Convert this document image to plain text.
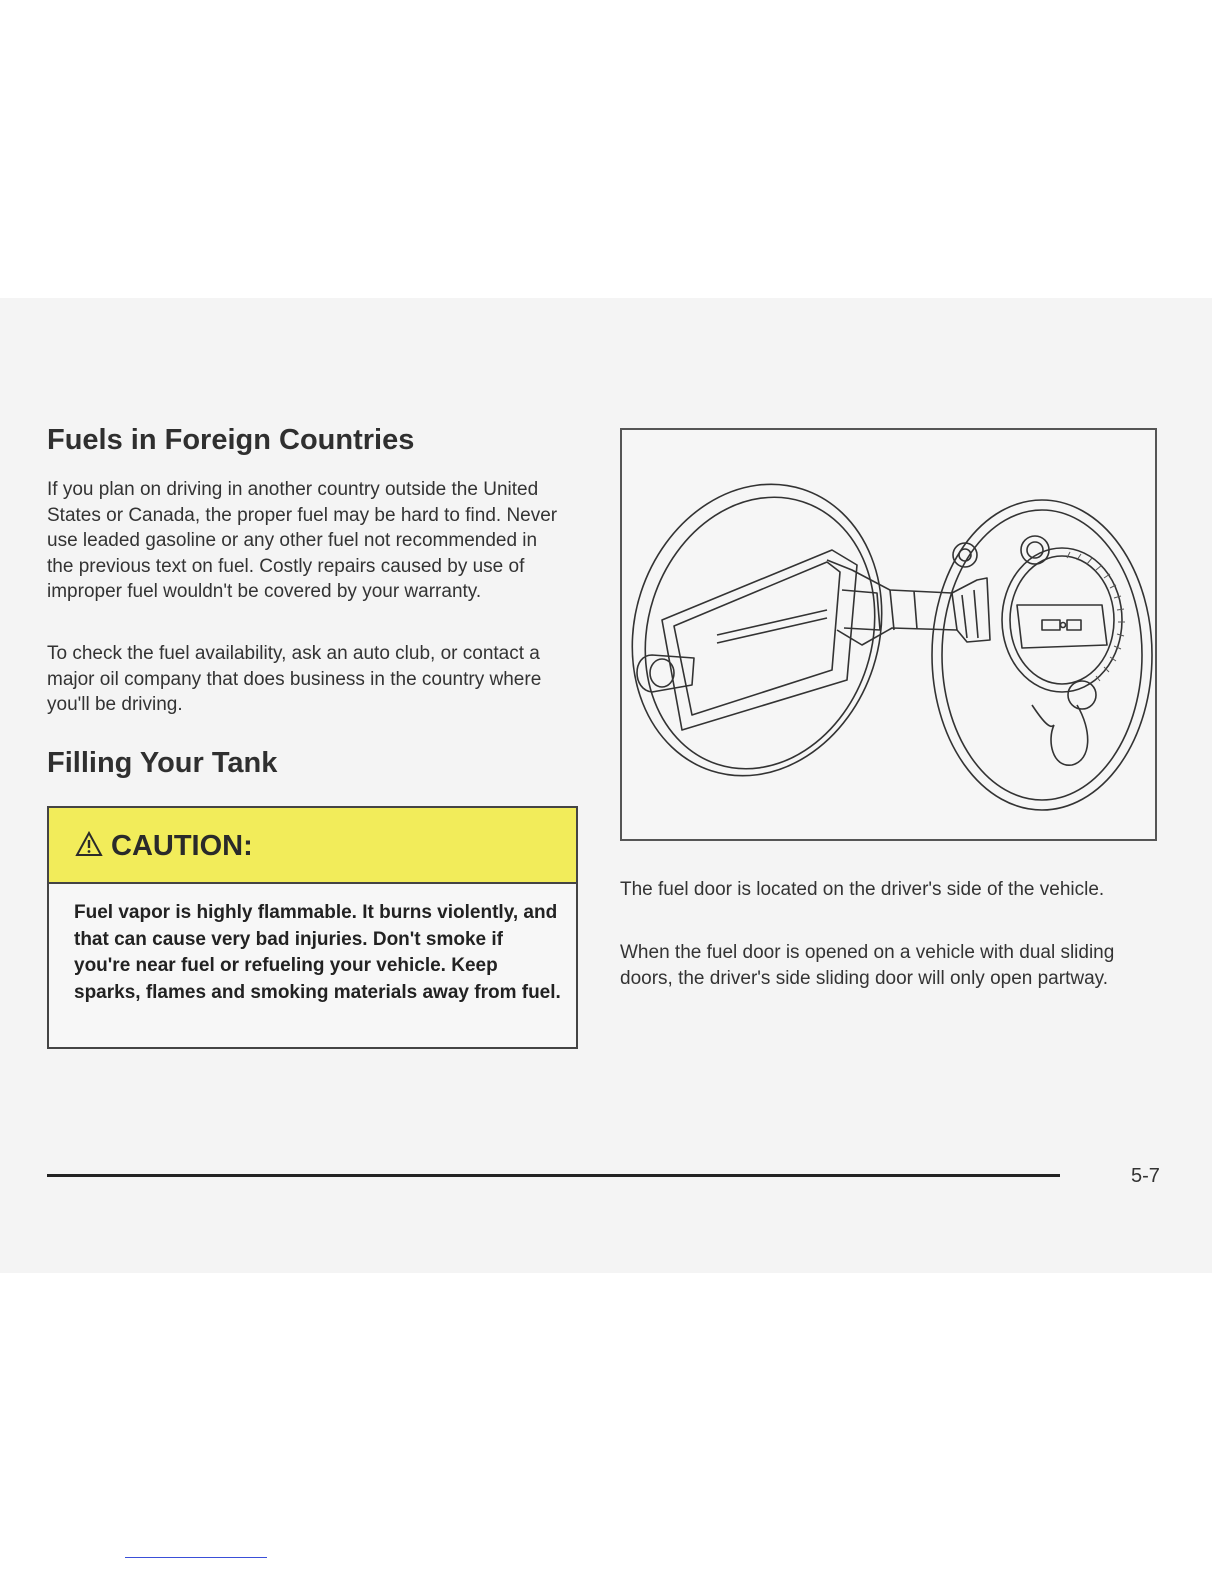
Fuels in Foreign Countries

If you plan on driving in another country outside the United States or Canada, the proper fuel may be hard to find. Never use leaded gasoline or any other fuel not recommended in the previous text on fuel. Costly repairs caused by use of improper fuel wouldn't be covered by your warranty.

To check the fuel availability, ask an auto club, or contact a major oil company that does business in the country where you'll be driving.

Filling Your Tank
CAUTION:

Fuel vapor is highly flammable. It burns violently, and that can cause very bad injuries. Don't smoke if you're near fuel or refueling your vehicle. Keep sparks, flames and smoking materials away from fuel.

The fuel door is located on the driver's side of the vehicle.

When the fuel door is opened on a vehicle with dual sliding doors, the driver's side sliding door will only open partway.

5-7
